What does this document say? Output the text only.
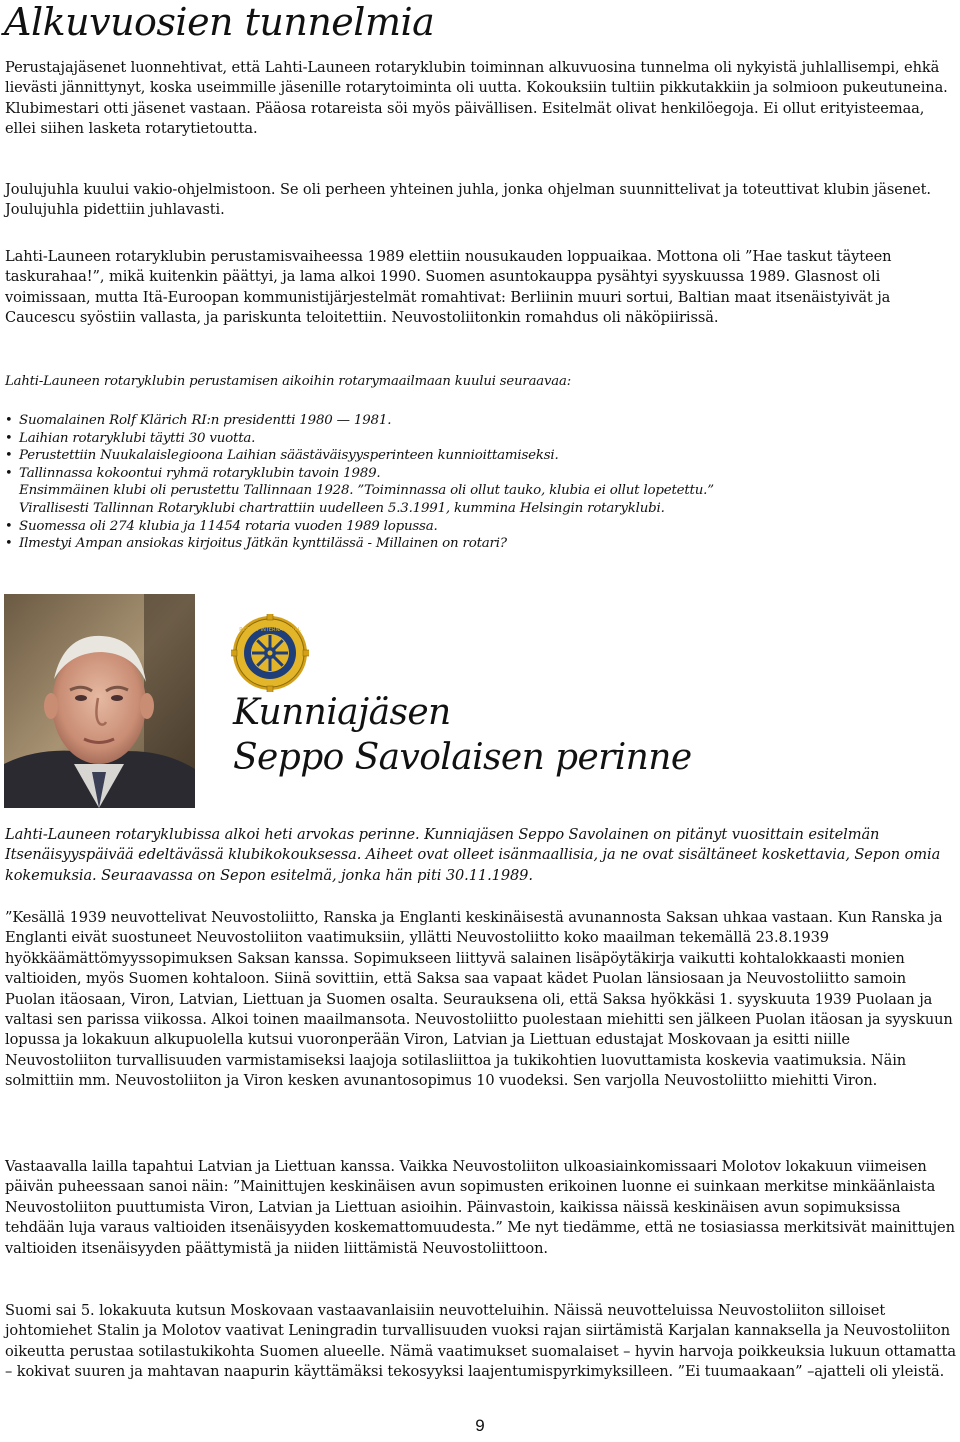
Alkuvuosien tunnelmia

Perustajajäsenet luonnehtivat, että Lahti-Launeen rotaryklubin toiminnan alkuvuosina tunnelma oli nykyistä juhlallisempi, ehkä lievästi jännittynyt, koska useimmille jäsenille rotarytoiminta oli uutta. Kokouksiin tultiin pikkutakkiin ja solmioon pukeutuneina. Klubimestari otti jäsenet vastaan. Pääosa rotareista söi myös päivällisen. Esitelmät olivat henkilöegoja. Ei ollut erityisteemaa, ellei siihen lasketa rotarytietoutta.

Joulujuhla kuului vakio-ohjelmistoon. Se oli perheen yhteinen juhla, jonka ohjelman suunnittelivat ja toteuttivat klubin jäsenet. Joulujuhla pidettiin juhlavasti.

Lahti-Launeen rotaryklubin perustamisvaiheessa 1989 elettiin nousukauden loppuaikaa. Mottona oli ”Hae taskut täyteen taskurahaa!”, mikä kuitenkin päättyi, ja lama alkoi 1990. Suomen asuntokauppa pysähtyi syyskuussa 1989. Glasnost oli voimissaan, mutta Itä-Euroopan kommunistijärjestelmät romahtivat: Berliinin muuri sortui, Baltian maat itsenäistyivät ja Caucescu syöstiin vallasta, ja pariskunta teloitettiin. Neuvostoliitonkin romahdus oli näköpiirissä.

Lahti-Launeen rotaryklubin perustamisen aikoihin rotarymaailmaan kuului seuraavaa:

• Suomalainen Rolf Klärich RI:n presidentti 1980 — 1981.
• Laihian rotaryklubi täytti 30 vuotta.
• Perustettiin Nuukalaislegioona Laihian säästäväisyysperinteen kunnioittamiseksi.
• Tallinnassa kokoontui ryhmä rotaryklubin tavoin 1989.
Ensimmäinen klubi oli perustettu Tallinnaan 1928. ”Toiminnassa oli ollut tauko, klubia ei ollut lopetettu.”
Virallisesti Tallinnan Rotaryklubi chartrattiin uudelleen 5.3.1991, kummina Helsingin rotaryklubi.
• Suomessa oli 274 klubia ja 11454 rotaria vuoden 1989 lopussa.
• Ilmestyi Ampan ansiokas kirjoitus Jätkän kynttilässä - Millainen on rotari?
ROTARY INTERNATIONAL
Kunniajäsen
Seppo Savolaisen perinne

Lahti-Launeen rotaryklubissa alkoi heti arvokas perinne. Kunniajäsen Seppo Savolainen on pitänyt vuosittain esitelmän Itsenäisyyspäivää edeltävässä klubikokouksessa. Aiheet ovat olleet isänmaallisia, ja ne ovat sisältäneet koskettavia, Sepon omia kokemuksia. Seuraavassa on Sepon esitelmä, jonka hän piti 30.11.1989.

”Kesällä 1939 neuvottelivat Neuvostoliitto, Ranska ja Englanti keskinäisestä avunannosta Saksan uhkaa vastaan. Kun Ranska ja Englanti eivät suostuneet Neuvostoliiton vaatimuksiin, yllätti Neuvostoliitto koko maailman tekemällä 23.8.1939 hyökkäämättömyyssopimuksen Saksan kanssa. Sopimukseen liittyvä salainen lisäpöytäkirja vaikutti kohtalokkaasti monien valtioiden, myös Suomen kohtaloon. Siinä sovittiin, että Saksa saa vapaat kädet Puolan länsiosaan ja Neuvostoliitto samoin Puolan itäosaan, Viron, Latvian, Liettuan ja Suomen osalta. Seurauksena oli, että Saksa hyökkäsi 1. syyskuuta 1939 Puolaan ja valtasi sen parissa viikossa. Alkoi toinen maailmansota. Neuvostoliitto puolestaan miehitti sen jälkeen Puolan itäosan ja syyskuun lopussa ja lokakuun alkupuolella kutsui vuoronperään Viron, Latvian ja Liettuan edustajat Moskovaan ja esitti niille Neuvostoliiton turvallisuuden varmistamiseksi laajoja sotilasliittoa ja tukikohtien luovuttamista koskevia vaatimuksia. Näin solmittiin mm. Neuvostoliiton ja Viron kesken avunantosopimus 10 vuodeksi. Sen varjolla Neuvostoliitto miehitti Viron.

Vastaavalla lailla tapahtui Latvian ja Liettuan kanssa. Vaikka Neuvostoliiton ulkoasiainkomissaari Molotov lokakuun viimeisen päivän puheessaan sanoi näin: ”Mainittujen keskinäisen avun sopimusten erikoinen luonne ei suinkaan merkitse minkäänlaista Neuvostoliiton puuttumista Viron, Latvian ja Liettuan asioihin. Päinvastoin, kaikissa näissä keskinäisen avun sopimuksissa tehdään luja varaus valtioiden itsenäisyyden koskemattomuudesta.” Me nyt tiedämme, että ne tosiasiassa merkitsivät mainittujen valtioiden itsenäisyyden päättymistä ja niiden liittämistä Neuvostoliittoon.

Suomi sai 5. lokakuuta kutsun Moskovaan vastaavanlaisiin neuvotteluihin. Näissä neuvotteluissa Neuvostoliiton silloiset johtomiehet Stalin ja Molotov vaativat Leningradin turvallisuuden vuoksi rajan siirtämistä Karjalan kannaksella ja Neuvostoliiton oikeutta perustaa sotilastukikohta Suomen alueelle. Nämä vaatimukset suomalaiset – hyvin harvoja poikkeuksia lukuun ottamatta – kokivat suuren ja mahtavan naapurin käyttämäksi tekosyyksi laajentumispyrkimyksilleen. ”Ei tuumaakaan” –ajatteli oli yleistä.

9
